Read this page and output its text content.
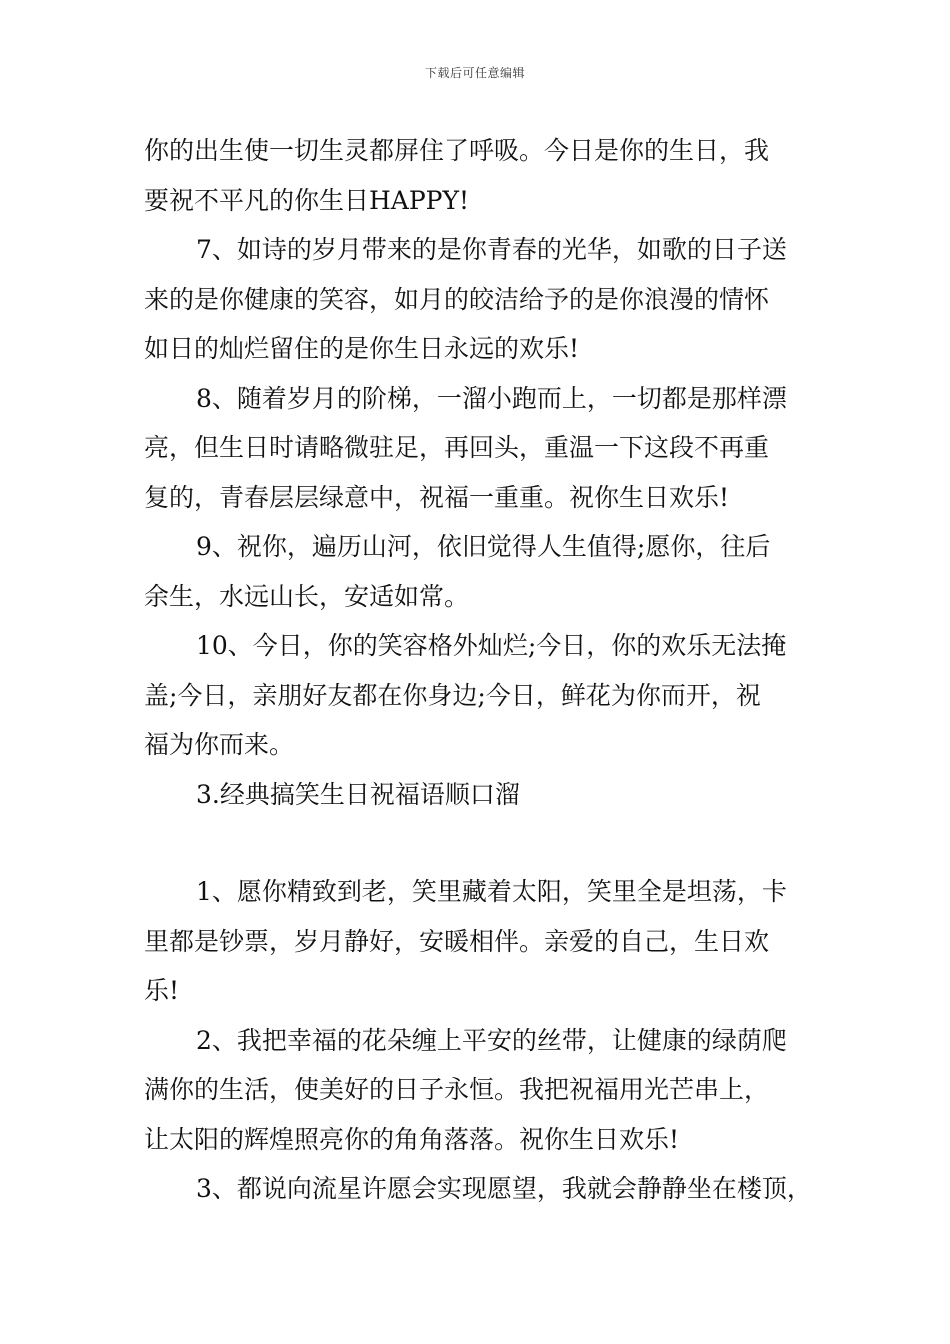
下载后可任意编辑
你的出生使一切生灵都屏住了呼吸。今日是你的生日，我
要祝不平凡的你生日HAPPY!
7、如诗的岁月带来的是你青春的光华，如歌的日子送
来的是你健康的笑容，如月的皎洁给予的是你浪漫的情怀
如日的灿烂留住的是你生日永远的欢乐!
8、随着岁月的阶梯，一溜小跑而上，一切都是那样漂
亮，但生日时请略微驻足，再回头，重温一下这段不再重
复的，青春层层绿意中，祝福一重重。祝你生日欢乐!
9、祝你，遍历山河，依旧觉得人生值得;愿你，往后
余生，水远山长，安适如常。
10、今日，你的笑容格外灿烂;今日，你的欢乐无法掩
盖;今日，亲朋好友都在你身边;今日，鲜花为你而开，祝
福为你而来。
3.经典搞笑生日祝福语顺口溜
1、愿你精致到老，笑里藏着太阳，笑里全是坦荡，卡
里都是钞票，岁月静好，安暖相伴。亲爱的自己，生日欢
乐!
2、我把幸福的花朵缠上平安的丝带，让健康的绿荫爬
满你的生活，使美好的日子永恒。我把祝福用光芒串上，
让太阳的辉煌照亮你的角角落落。祝你生日欢乐!
3、都说向流星许愿会实现愿望，我就会静静坐在楼顶，
